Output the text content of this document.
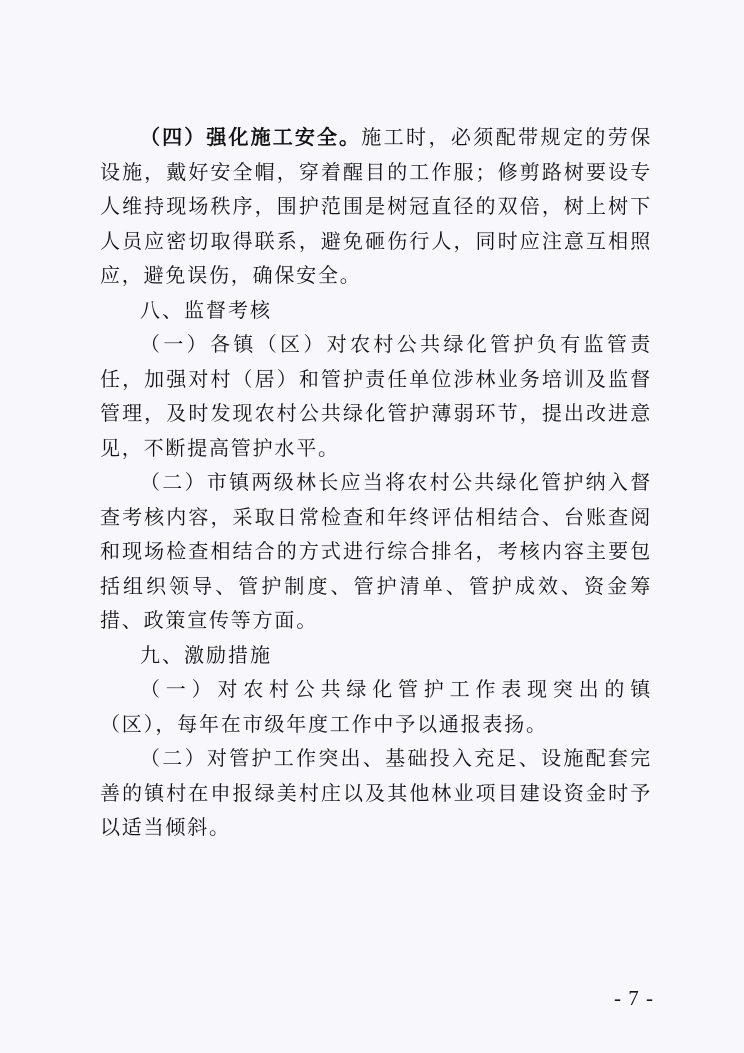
（四）强化施工安全。施工时，必须配带规定的劳保设施，戴好安全帽，穿着醒目的工作服；修剪路树要设专人维持现场秩序，围护范围是树冠直径的双倍，树上树下人员应密切取得联系，避免砸伤行人，同时应注意互相照应，避免误伤，确保安全。

八、监督考核

（一）各镇（区）对农村公共绿化管护负有监管责任，加强对村（居）和管护责任单位涉林业务培训及监督管理，及时发现农村公共绿化管护薄弱环节，提出改进意见，不断提高管护水平。

（二）市镇两级林长应当将农村公共绿化管护纳入督查考核内容，采取日常检查和年终评估相结合、台账查阅和现场检查相结合的方式进行综合排名，考核内容主要包括组织领导、管护制度、管护清单、管护成效、资金筹措、政策宣传等方面。

九、激励措施

（一）对农村公共绿化管护工作表现突出的镇（区），每年在市级年度工作中予以通报表扬。

（二）对管护工作突出、基础投入充足、设施配套完善的镇村在申报绿美村庄以及其他林业项目建设资金时予以适当倾斜。

- 7 -
